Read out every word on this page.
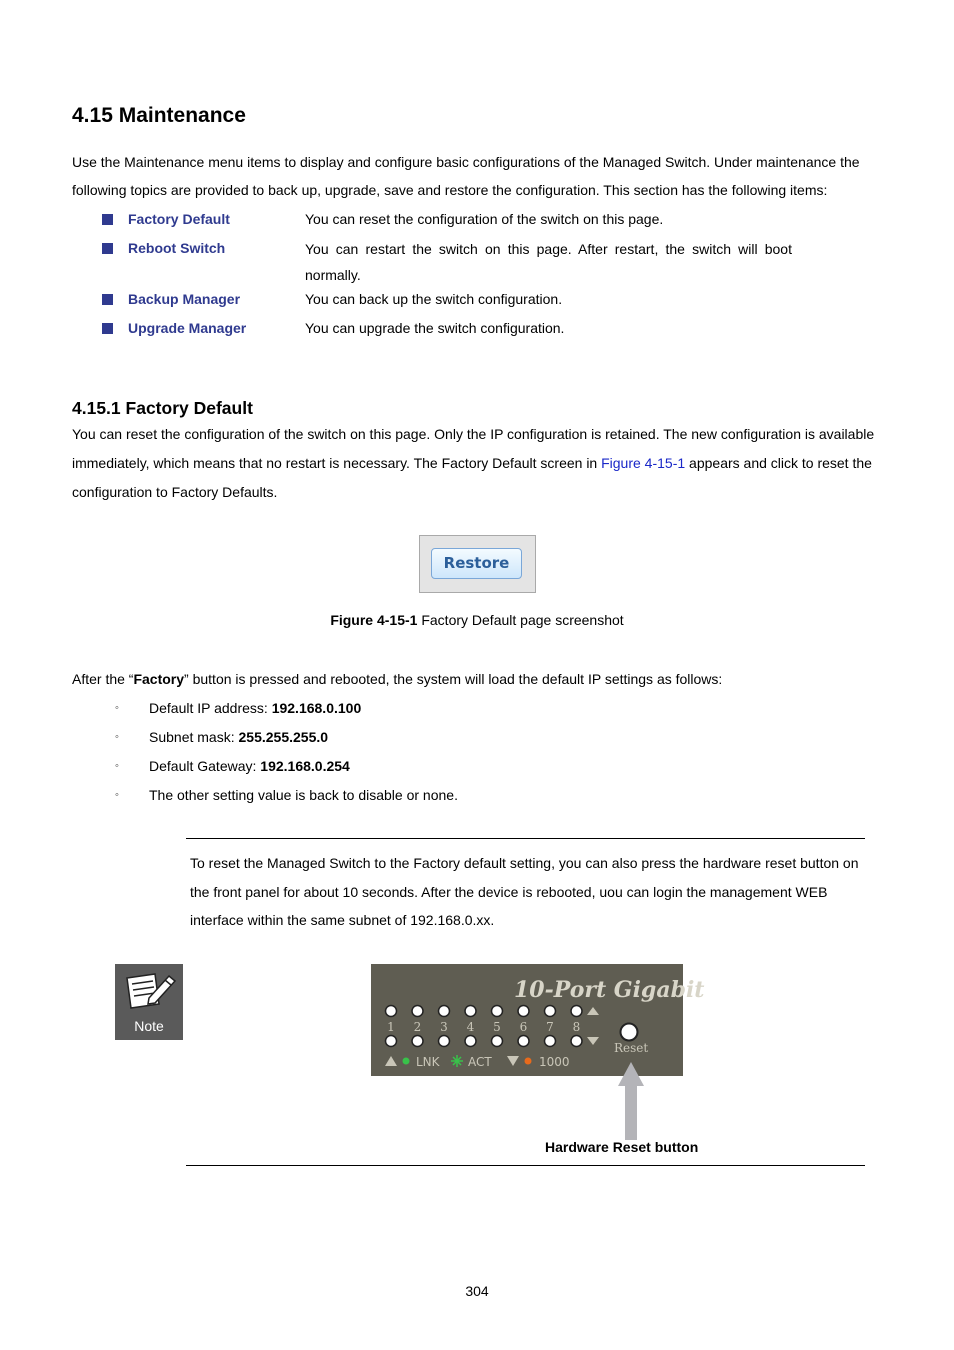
4.15 Maintenance
Use the Maintenance menu items to display and configure basic configurations of the Managed Switch. Under maintenance the following topics are provided to back up, upgrade, save and restore the configuration. This section has the following items:
Factory Default	You can reset the configuration of the switch on this page.
Reboot Switch	You can restart the switch on this page. After restart, the switch will boot normally.
Backup Manager	You can back up the switch configuration.
Upgrade Manager	You can upgrade the switch configuration.
4.15.1 Factory Default
You can reset the configuration of the switch on this page. Only the IP configuration is retained. The new configuration is available immediately, which means that no restart is necessary. The Factory Default screen in Figure 4-15-1 appears and click to reset the configuration to Factory Defaults.
Restore
Figure 4-15-1 Factory Default page screenshot
After the “Factory” button is pressed and rebooted, the system will load the default IP settings as follows:
◦ Default IP address: 192.168.0.100
◦ Subnet mask: 255.255.255.0
◦ Default Gateway: 192.168.0.254
◦ The other setting value is back to disable or none.
To reset the Managed Switch to the Factory default setting, you can also press the hardware reset button on the front panel for about 10 seconds. After the device is rebooted, uou can login the management WEB interface within the same subnet of 192.168.0.xx.
Note
10-Port Gigabit
1 2 3 4 5 6 7 8
Reset
LNK ACT	1000
Hardware Reset button
304
